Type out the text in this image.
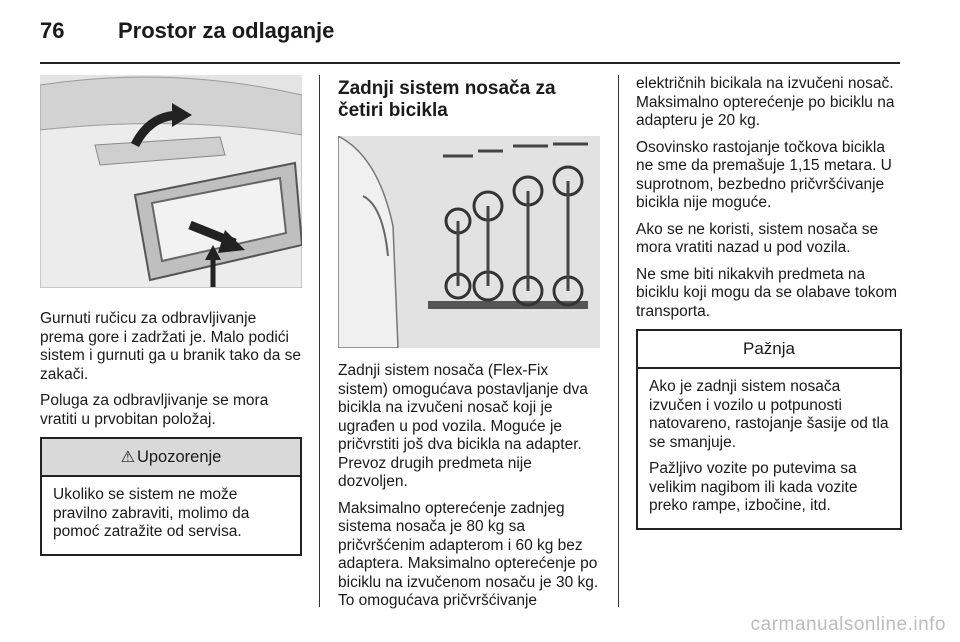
76 Prostor za odlaganje

Gurnuti ručicu za odbravljivanje prema gore i zadržati je. Malo podići sistem i gurnuti ga u branik tako da se zakači.

Poluga za odbravljivanje se mora vratiti u prvobitan položaj.

⚠ Upozorenje

Ukoliko se sistem ne može pravilno zabraviti, molimo da pomoć zatražite od servisa.

Zadnji sistem nosača za četiri bicikla

Zadnji sistem nosača (Flex-Fix sistem) omogućava postavljanje dva bicikla na izvučeni nosač koji je ugrađen u pod vozila. Moguće je pričvrstiti još dva bicikla na adapter. Prevoz drugih predmeta nije dozvoljen.

Maksimalno opterećenje zadnjeg sistema nosača je 80 kg sa pričvršćenim adapterom i 60 kg bez adaptera. Maksimalno opterećenje po biciklu na izvučenom nosaču je 30 kg. To omogućava pričvršćivanje

električnih bicikala na izvučeni nosač. Maksimalno opterećenje po biciklu na adapteru je 20 kg.

Osovinsko rastojanje točkova bicikla ne sme da premašuje 1,15 metara. U suprotnom, bezbedno pričvršćivanje bicikla nije moguće.

Ako se ne koristi, sistem nosača se mora vratiti nazad u pod vozila.

Ne sme biti nikakvih predmeta na biciklu koji mogu da se olabave tokom transporta.

Pažnja

Ako je zadnji sistem nosača izvučen i vozilo u potpunosti natovareno, rastojanje šasije od tla se smanjuje.

Pažljivo vozite po putevima sa velikim nagibom ili kada vozite preko rampe, izbočine, itd.

carmanualsonline.info
